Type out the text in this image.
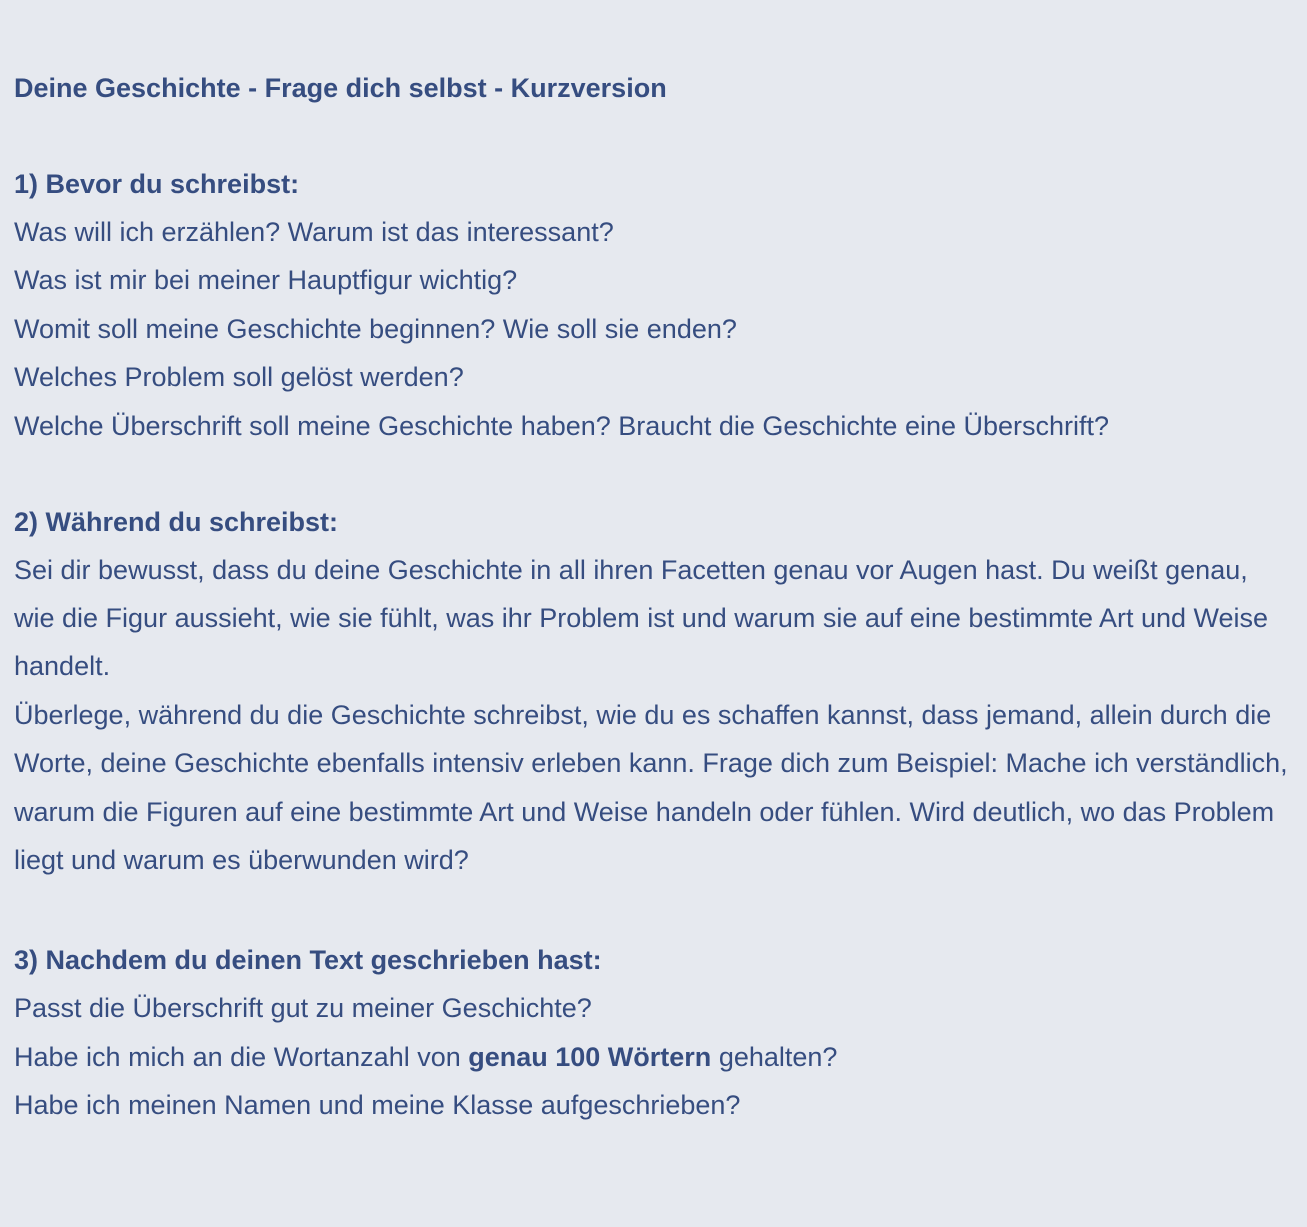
Deine Geschichte - Frage dich selbst - Kurzversion
1) Bevor du schreibst:

Was will ich erzählen? Warum ist das interessant?

Was ist mir bei meiner Hauptfigur wichtig?

Womit soll meine Geschichte beginnen? Wie soll sie enden?

Welches Problem soll gelöst werden?

Welche Überschrift soll meine Geschichte haben? Braucht die Geschichte eine Überschrift?

2) Während du schreibst:

Sei dir bewusst, dass du deine Geschichte in all ihren Facetten genau vor Augen hast. Du weißt genau, wie die Figur aussieht, wie sie fühlt, was ihr Problem ist und warum sie auf eine bestimmte Art und Weise handelt.

Überlege, während du die Geschichte schreibst, wie du es schaffen kannst, dass jemand, allein durch die Worte, deine Geschichte ebenfalls intensiv erleben kann. Frage dich zum Beispiel: Mache ich verständlich, warum die Figuren auf eine bestimmte Art und Weise handeln oder fühlen. Wird deutlich, wo das Problem liegt und warum es überwunden wird?

3) Nachdem du deinen Text geschrieben hast:

Passt die Überschrift gut zu meiner Geschichte?

Habe ich mich an die Wortanzahl von genau 100 Wörtern gehalten?

Habe ich meinen Namen und meine Klasse aufgeschrieben?
